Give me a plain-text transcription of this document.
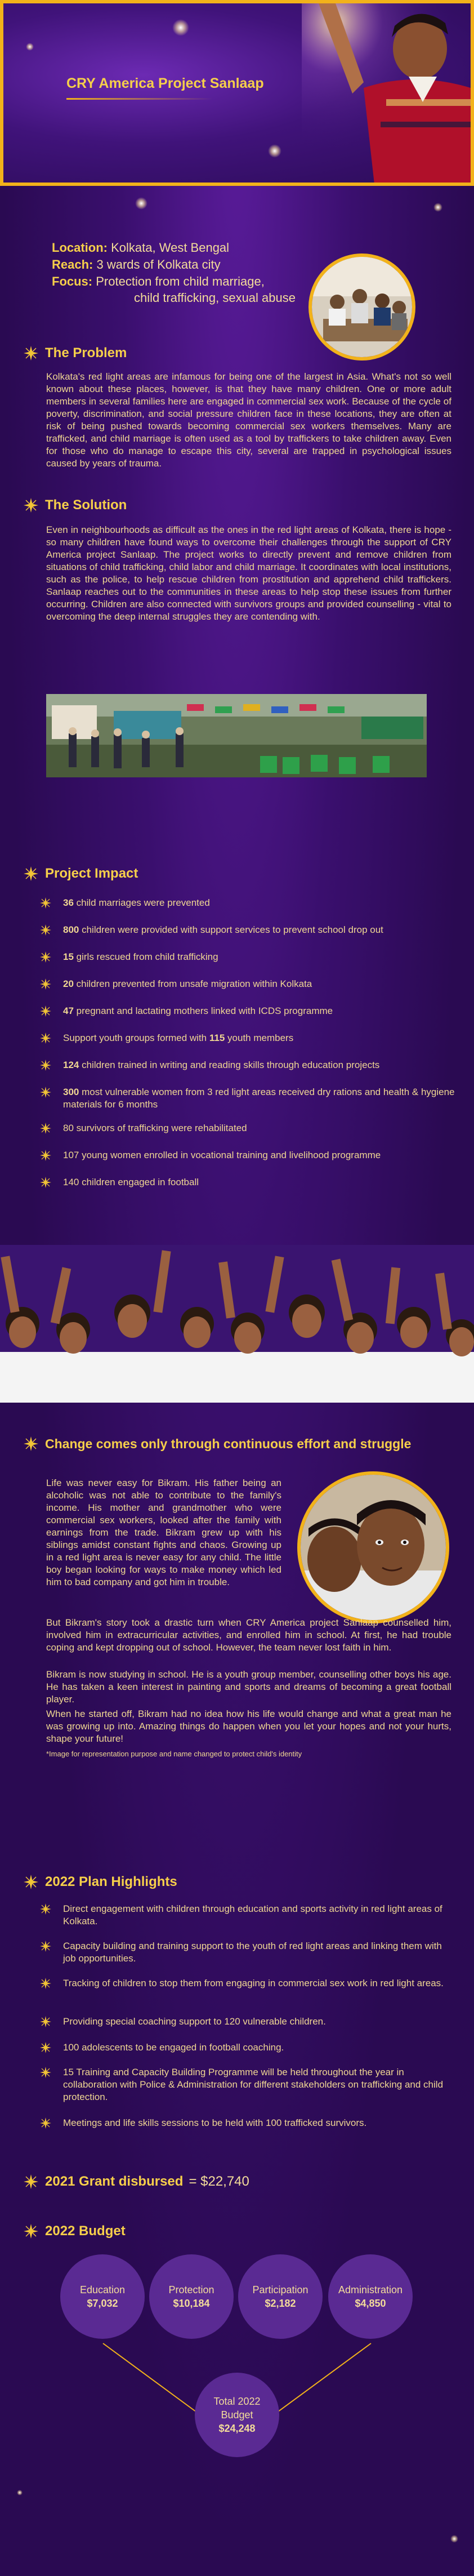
CRY America Project Sanlaap
Location: Kolkata, West Bengal
Reach: 3 wards of Kolkata city
Focus: Protection from child marriage,
child trafficking, sexual abuse
The Problem
Kolkata's red light areas are infamous for being one of the largest in Asia. What's not so well known about these places, however, is that they have many children. One or more adult members in several families here are engaged in commercial sex work. Because of the cycle of poverty, discrimination, and social pressure children face in these locations, they are often at risk of being pushed towards becoming commercial sex workers themselves. Many are trafficked, and child marriage is often used as a tool by traffickers to take children away. Even for those who do manage to escape this city, several are trapped in psychological issues caused by years of trauma.
The Solution
Even in neighbourhoods as difficult as the ones in the red light areas of Kolkata, there is hope - so many children have found ways to overcome their challenges through the support of CRY America project Sanlaap. The project works to directly prevent and remove children from situations of child trafficking, child labor and child marriage. It coordinates with local institutions, such as the police, to help rescue children from prostitution and apprehend child traffickers. Sanlaap reaches out to the communities in these areas to help stop these issues from further occurring. Children are also connected with survivors groups and provided counselling - vital to overcoming the deep internal struggles they are contending with.
Project Impact
36 child marriages were prevented
800 children were provided with support services to prevent school drop out
15 girls rescued from child trafficking
20 children prevented from unsafe migration within Kolkata
47 pregnant and lactating mothers linked with ICDS programme
Support youth groups formed with 115 youth members
124 children trained in writing and reading skills through education projects
300 most vulnerable women from 3 red light areas received dry rations and health & hygiene materials for 6 months
80 survivors of trafficking were rehabilitated
107 young women enrolled in vocational training and livelihood programme
140 children engaged in football
Change comes only through continuous effort and struggle
Life was never easy for Bikram. His father being an alcoholic was not able to contribute to the family's income. His mother and grandmother who were commercial sex workers, looked after the family with earnings from the trade. Bikram grew up with his siblings amidst constant fights and chaos. Growing up in a red light area is never easy for any child. The little boy began looking for ways to make money which led him to bad company and got him in trouble.
But Bikram's story took a drastic turn when CRY America project Sanlaap counselled him, involved him in extracurricular activities, and enrolled him in school. At first, he had trouble coping and kept dropping out of school. However, the team never lost faith in him.
Bikram is now studying in school. He is a youth group member, counselling other boys his age. He has taken a keen interest in painting and sports and dreams of becoming a great football player.
When he started off, Bikram had no idea how his life would change and what a great man he was growing up into. Amazing things do happen when you let your hopes and not your hurts, shape your future!
*Image for representation purpose and name changed to protect child's identity
2022 Plan Highlights
Direct engagement with children through education and sports activity in red light areas of Kolkata.
Capacity building and training support to the youth of red light areas and linking them with job opportunities.
Tracking of children to stop them from engaging in commercial sex work in red light areas.
Providing special coaching support to 120 vulnerable children.
100 adolescents to be engaged in football coaching.
15 Training and Capacity Building Programme will be held throughout the year in collaboration with Police & Administration for different stakeholders on trafficking and child protection.
Meetings and life skills sessions to be held with 100 trafficked survivors.
2021 Grant disbursed = $22,740
2022 Budget
Education
$7,032
Protection
$10,184
Participation
$2,182
Administration
$4,850
Total 2022
Budget
$24,248
